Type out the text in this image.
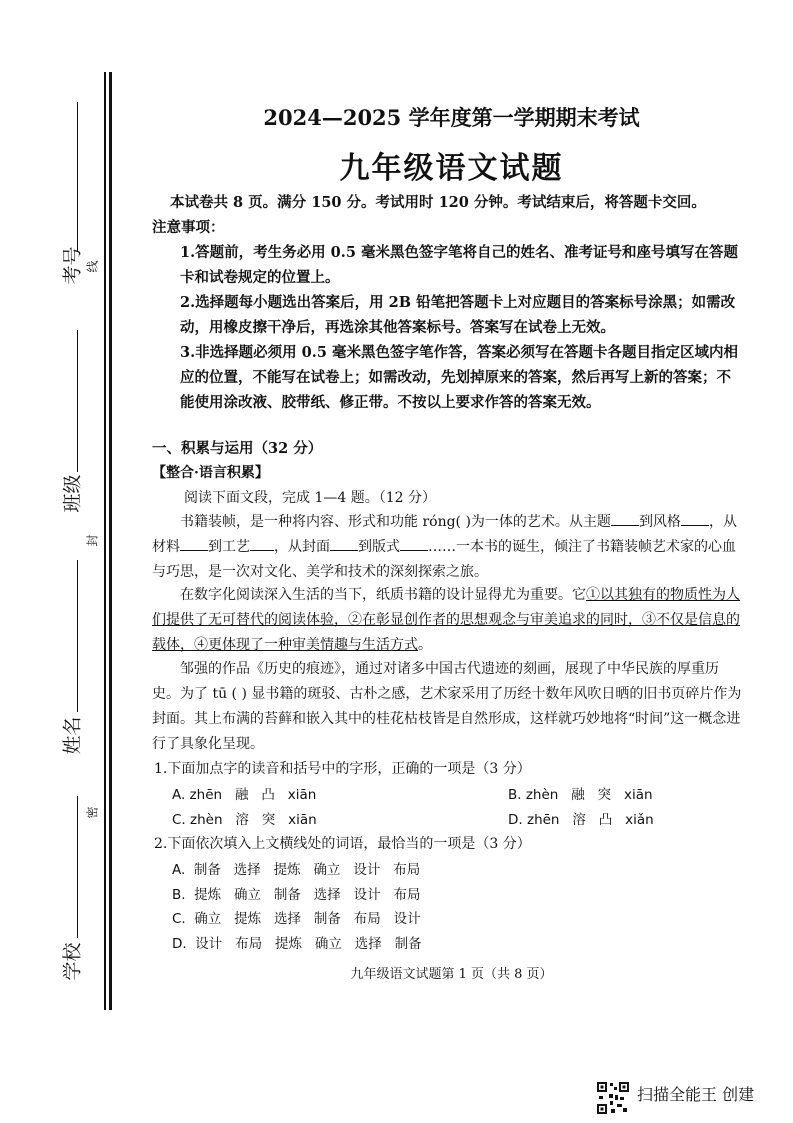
考号 线
班级
封
姓名
密
学校
2024—2025 学年度第一学期期末考试
九年级语文试题
本试卷共 8 页。满分 150 分。考试用时 120 分钟。考试结束后，将答题卡交回。
注意事项：
1.答题前，考生务必用 0.5 毫米黑色签字笔将自己的姓名、准考证号和座号填写在答题卡和试卷规定的位置上。
2.选择题每小题选出答案后，用 2B 铅笔把答题卡上对应题目的答案标号涂黑；如需改动，用橡皮擦干净后，再选涂其他答案标号。答案写在试卷上无效。
3.非选择题必须用 0.5 毫米黑色签字笔作答，答案必须写在答题卡各题目指定区域内相应的位置，不能写在试卷上；如需改动，先划掉原来的答案，然后再写上新的答案；不能使用涂改液、胶带纸、修正带。不按以上要求作答的答案无效。
一、积累与运用（32 分）
【整合·语言积累】
阅读下面文段，完成 1—4 题。（12 分）
书籍装帧，是一种将内容、形式和功能 róng( )为一体的艺术。从主题 到风格 ，从材料 到工艺 ，从封面 到版式 ……一本书的诞生，倾注了书籍装帧艺术家的心血与巧思，是一次对文化、美学和技术的深刻探索之旅。
在数字化阅读深入生活的当下，纸质书籍的设计显得尤为重要。它①以其独有的物质性为人们提供了无可替代的阅读体验，②在彰显创作者的思想观念与审美追求的同时，③不仅是信息的载体，④更体现了一种审美情趣与生活方式。
邹强的作品《历史的痕迹》，通过对诸多中国古代遗迹的刻画，展现了中华民族的厚重历史。为了 tū ( ) 显书籍的斑驳、古朴之感，艺术家采用了历经十数年风吹日晒的旧书页碎片作为封面。其上布满的苔藓和嵌入其中的桂花枯枝皆是自然形成，这样就巧妙地将“时间”这一概念进行了具象化呈现。
1.下面加点字的读音和括号中的字形，正确的一项是（3 分）
A. zhēn   融   凸   xiān	B. zhèn   融   突   xiān
C. zhèn   溶   突   xiān	D. zhēn   溶   凸   xiǎn
2.下面依次填入上文横线处的词语，最恰当的一项是（3 分）
A.  制备   选择   提炼   确立   设计   布局
B.  提炼   确立   制备   选择   设计   布局
C.  确立   提炼   选择   制备   布局   设计
D.  设计   布局   提炼   确立   选择   制备
九年级语文试题第 1 页（共 8 页）
扫描全能王 创建
